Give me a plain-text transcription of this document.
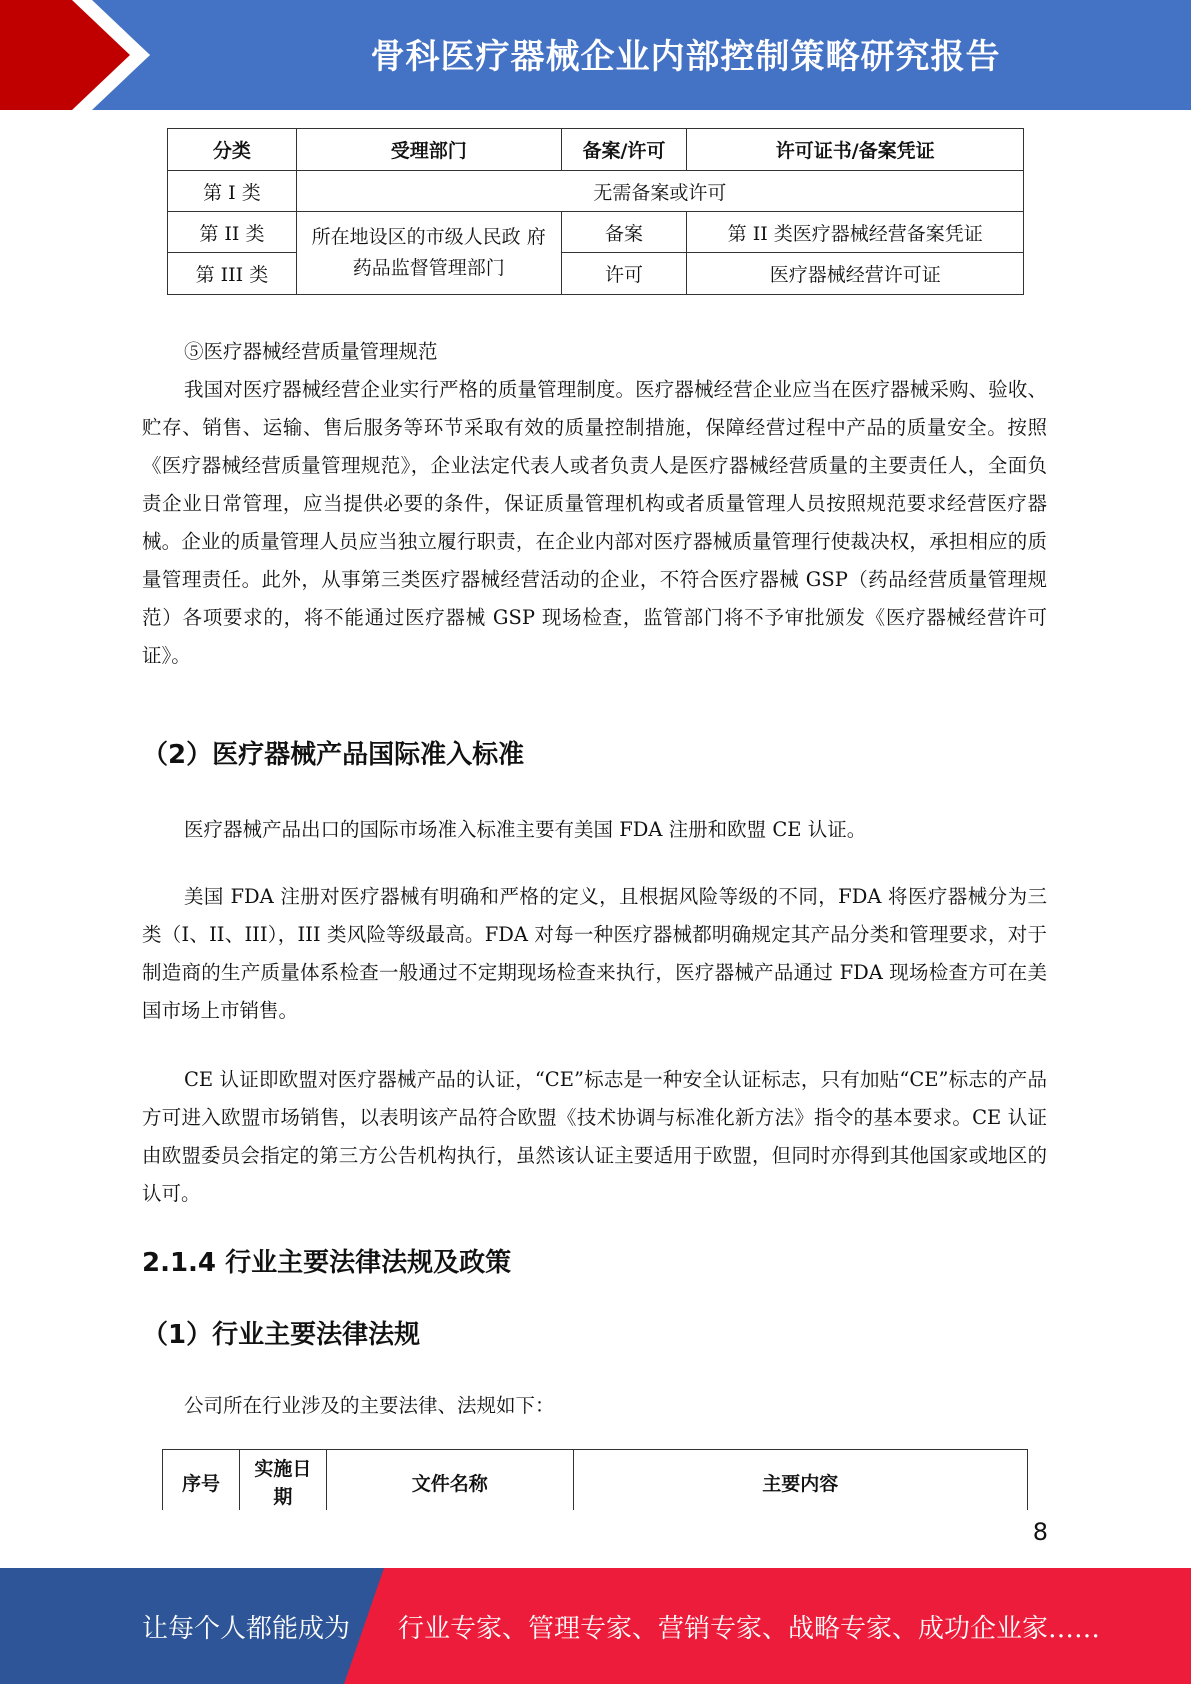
骨科医疗器械企业内部控制策略研究报告
分类	受理部门	备案/许可	许可证书/备案凭证
第 I 类	无需备案或许可		
第 II 类	所在地设区的市级人民政 府药品监督管理部门	备案	第 II 类医疗器械经营备案凭证
第 III 类		许可	医疗器械经营许可证
⑤医疗器械经营质量管理规范
我国对医疗器械经营企业实行严格的质量管理制度。医疗器械经营企业应当在医疗器械采购、验收、贮存、销售、运输、售后服务等环节采取有效的质量控制措施，保障经营过程中产品的质量安全。按照《医疗器械经营质量管理规范》，企业法定代表人或者负责人是医疗器械经营质量的主要责任人，全面负责企业日常管理，应当提供必要的条件，保证质量管理机构或者质量管理人员按照规范要求经营医疗器械。企业的质量管理人员应当独立履行职责，在企业内部对医疗器械质量管理行使裁决权，承担相应的质量管理责任。此外，从事第三类医疗器械经营活动的企业，不符合医疗器械 GSP（药品经营质量管理规范）各项要求的，将不能通过医疗器械 GSP 现场检查，监管部门将不予审批颁发《医疗器械经营许可证》。
（2）医疗器械产品国际准入标准
医疗器械产品出口的国际市场准入标准主要有美国 FDA 注册和欧盟 CE 认证。
美国 FDA 注册对医疗器械有明确和严格的定义，且根据风险等级的不同，FDA 将医疗器械分为三类（I、II、III），III 类风险等级最高。FDA 对每一种医疗器械都明确规定其产品分类和管理要求，对于制造商的生产质量体系检查一般通过不定期现场检查来执行，医疗器械产品通过 FDA 现场检查方可在美国市场上市销售。
CE 认证即欧盟对医疗器械产品的认证，“CE”标志是一种安全认证标志，只有加贴“CE”标志的产品方可进入欧盟市场销售，以表明该产品符合欧盟《技术协调与标准化新方法》指令的基本要求。CE 认证由欧盟委员会指定的第三方公告机构执行，虽然该认证主要适用于欧盟，但同时亦得到其他国家或地区的认可。
2.1.4 行业主要法律法规及政策
（1）行业主要法律法规
公司所在行业涉及的主要法律、法规如下：
序号	实施日期	文件名称	主要内容
8
让每个人都能成为 行业专家、管理专家、营销专家、战略专家、成功企业家……
